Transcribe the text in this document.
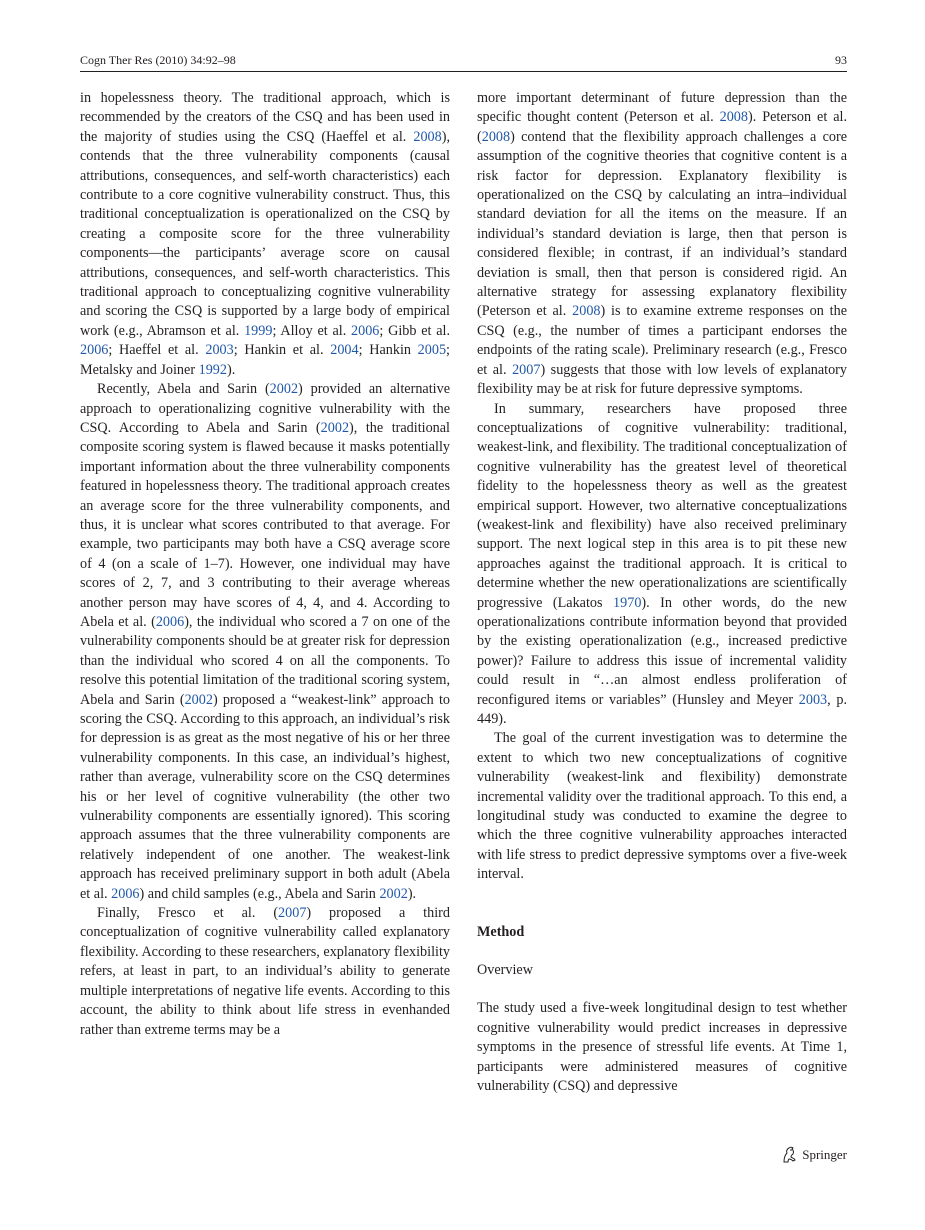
Cogn Ther Res (2010) 34:92–98	93

in hopelessness theory. The traditional approach, which is recommended by the creators of the CSQ and has been used in the majority of studies using the CSQ (Haeffel et al. 2008), contends that the three vulnerability components (causal attributions, consequences, and self-worth characteristics) each contribute to a core cognitive vulnerability construct. Thus, this traditional conceptualization is operationalized on the CSQ by creating a composite score for the three vulnerability components—the participants’ average score on causal attributions, consequences, and self-worth characteristics. This traditional approach to conceptualizing cognitive vulnerability and scoring the CSQ is supported by a large body of empirical work (e.g., Abramson et al. 1999; Alloy et al. 2006; Gibb et al. 2006; Haeffel et al. 2003; Hankin et al. 2004; Hankin 2005; Metalsky and Joiner 1992).

Recently, Abela and Sarin (2002) provided an alternative approach to operationalizing cognitive vulnerability with the CSQ. According to Abela and Sarin (2002), the traditional composite scoring system is flawed because it masks potentially important information about the three vulnerability components featured in hopelessness theory. The traditional approach creates an average score for the three vulnerability components, and thus, it is unclear what scores contributed to that average. For example, two participants may both have a CSQ average score of 4 (on a scale of 1–7). However, one individual may have scores of 2, 7, and 3 contributing to their average whereas another person may have scores of 4, 4, and 4. According to Abela et al. (2006), the individual who scored a 7 on one of the vulnerability components should be at greater risk for depression than the individual who scored 4 on all the components. To resolve this potential limitation of the traditional scoring system, Abela and Sarin (2002) proposed a “weakest-link” approach to scoring the CSQ. According to this approach, an individual’s risk for depression is as great as the most negative of his or her three vulnerability components. In this case, an individual’s highest, rather than average, vulnerability score on the CSQ determines his or her level of cognitive vulnerability (the other two vulnerability components are essentially ignored). This scoring approach assumes that the three vulnerability components are relatively independent of one another. The weakest-link approach has received preliminary support in both adult (Abela et al. 2006) and child samples (e.g., Abela and Sarin 2002).

Finally, Fresco et al. (2007) proposed a third conceptualization of cognitive vulnerability called explanatory flexibility. According to these researchers, explanatory flexibility refers, at least in part, to an individual’s ability to generate multiple interpretations of negative life events. According to this account, the ability to think about life stress in evenhanded rather than extreme terms may be a

more important determinant of future depression than the specific thought content (Peterson et al. 2008). Peterson et al. (2008) contend that the flexibility approach challenges a core assumption of the cognitive theories that cognitive content is a risk factor for depression. Explanatory flexibility is operationalized on the CSQ by calculating an intra–individual standard deviation for all the items on the measure. If an individual’s standard deviation is large, then that person is considered flexible; in contrast, if an individual’s standard deviation is small, then that person is considered rigid. An alternative strategy for assessing explanatory flexibility (Peterson et al. 2008) is to examine extreme responses on the CSQ (e.g., the number of times a participant endorses the endpoints of the rating scale). Preliminary research (e.g., Fresco et al. 2007) suggests that those with low levels of explanatory flexibility may be at risk for future depressive symptoms.

In summary, researchers have proposed three conceptualizations of cognitive vulnerability: traditional, weakest-link, and flexibility. The traditional conceptualization of cognitive vulnerability has the greatest level of theoretical fidelity to the hopelessness theory as well as the greatest empirical support. However, two alternative conceptualizations (weakest-link and flexibility) have also received preliminary support. The next logical step in this area is to pit these new approaches against the traditional approach. It is critical to determine whether the new operationalizations are scientifically progressive (Lakatos 1970). In other words, do the new operationalizations contribute information beyond that provided by the existing operationalization (e.g., increased predictive power)? Failure to address this issue of incremental validity could result in “…an almost endless proliferation of reconfigured items or variables” (Hunsley and Meyer 2003, p. 449).

The goal of the current investigation was to determine the extent to which two new conceptualizations of cognitive vulnerability (weakest-link and flexibility) demonstrate incremental validity over the traditional approach. To this end, a longitudinal study was conducted to examine the degree to which the three cognitive vulnerability approaches interacted with life stress to predict depressive symptoms over a five-week interval.

Method

Overview

The study used a five-week longitudinal design to test whether cognitive vulnerability would predict increases in depressive symptoms in the presence of stressful life events. At Time 1, participants were administered measures of cognitive vulnerability (CSQ) and depressive

Springer
